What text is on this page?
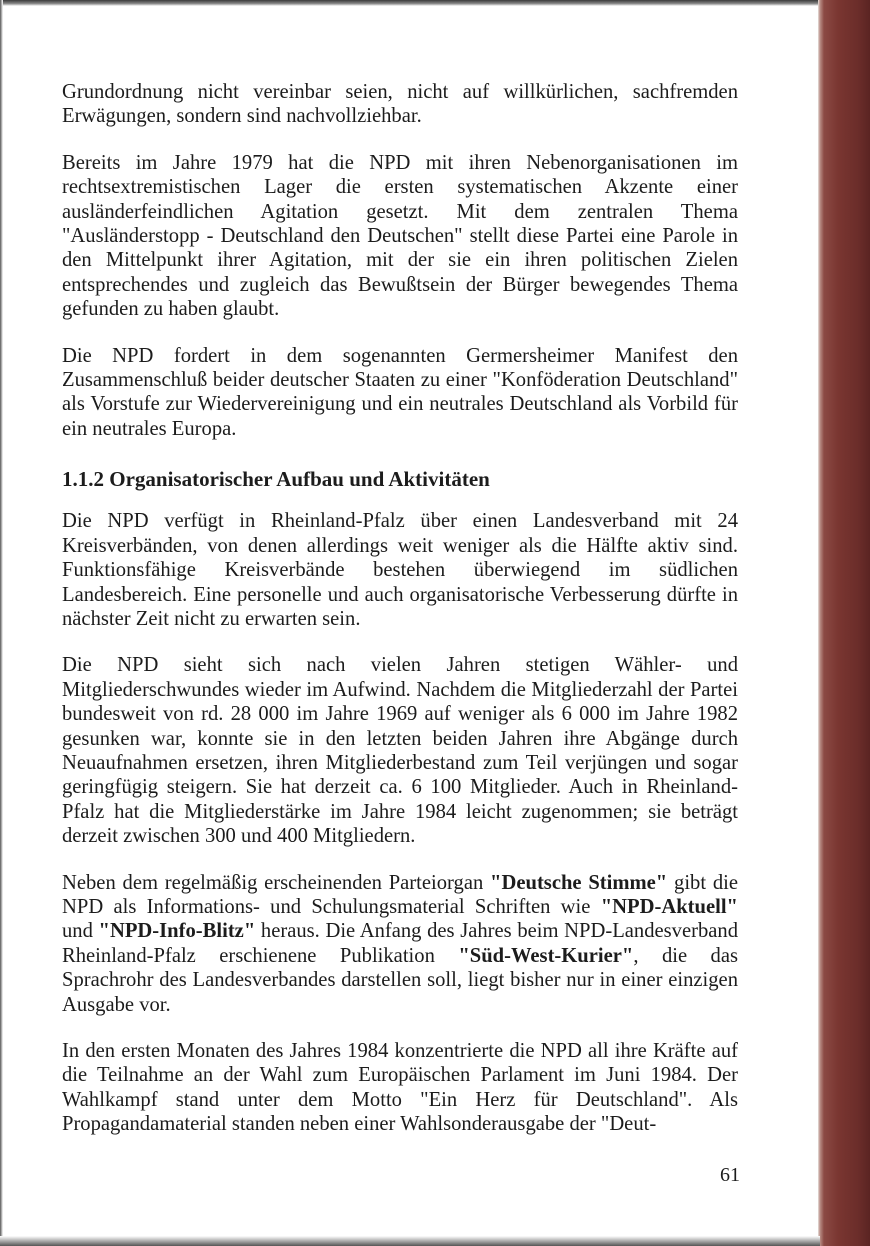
Grundordnung nicht vereinbar seien, nicht auf willkürlichen, sachfremden Erwägungen, sondern sind nachvollziehbar.

Bereits im Jahre 1979 hat die NPD mit ihren Nebenorganisationen im rechtsextremistischen Lager die ersten systematischen Akzente einer ausländerfeindlichen Agitation gesetzt. Mit dem zentralen Thema "Ausländerstopp - Deutschland den Deutschen" stellt diese Partei eine Parole in den Mittelpunkt ihrer Agitation, mit der sie ein ihren politischen Zielen entsprechendes und zugleich das Bewußtsein der Bürger bewegendes Thema gefunden zu haben glaubt.

Die NPD fordert in dem sogenannten Germersheimer Manifest den Zusammenschluß beider deutscher Staaten zu einer "Konföderation Deutschland" als Vorstufe zur Wiedervereinigung und ein neutrales Deutschland als Vorbild für ein neutrales Europa.

1.1.2 Organisatorischer Aufbau und Aktivitäten

Die NPD verfügt in Rheinland-Pfalz über einen Landesverband mit 24 Kreisverbänden, von denen allerdings weit weniger als die Hälfte aktiv sind. Funktionsfähige Kreisverbände bestehen überwiegend im südlichen Landesbereich. Eine personelle und auch organisatorische Verbesserung dürfte in nächster Zeit nicht zu erwarten sein.

Die NPD sieht sich nach vielen Jahren stetigen Wähler- und Mitgliederschwundes wieder im Aufwind. Nachdem die Mitgliederzahl der Partei bundesweit von rd. 28 000 im Jahre 1969 auf weniger als 6 000 im Jahre 1982 gesunken war, konnte sie in den letzten beiden Jahren ihre Abgänge durch Neuaufnahmen ersetzen, ihren Mitgliederbestand zum Teil verjüngen und sogar geringfügig steigern. Sie hat derzeit ca. 6 100 Mitglieder. Auch in Rheinland-Pfalz hat die Mitgliederstärke im Jahre 1984 leicht zugenommen; sie beträgt derzeit zwischen 300 und 400 Mitgliedern.

Neben dem regelmäßig erscheinenden Parteiorgan "Deutsche Stimme" gibt die NPD als Informations- und Schulungsmaterial Schriften wie "NPD-Aktuell" und "NPD-Info-Blitz" heraus. Die Anfang des Jahres beim NPD-Landesverband Rheinland-Pfalz erschienene Publikation "Süd-West-Kurier", die das Sprachrohr des Landesverbandes darstellen soll, liegt bisher nur in einer einzigen Ausgabe vor.

In den ersten Monaten des Jahres 1984 konzentrierte die NPD all ihre Kräfte auf die Teilnahme an der Wahl zum Europäischen Parlament im Juni 1984. Der Wahlkampf stand unter dem Motto "Ein Herz für Deutschland". Als Propagandamaterial standen neben einer Wahlsonderausgabe der "Deut-

61
